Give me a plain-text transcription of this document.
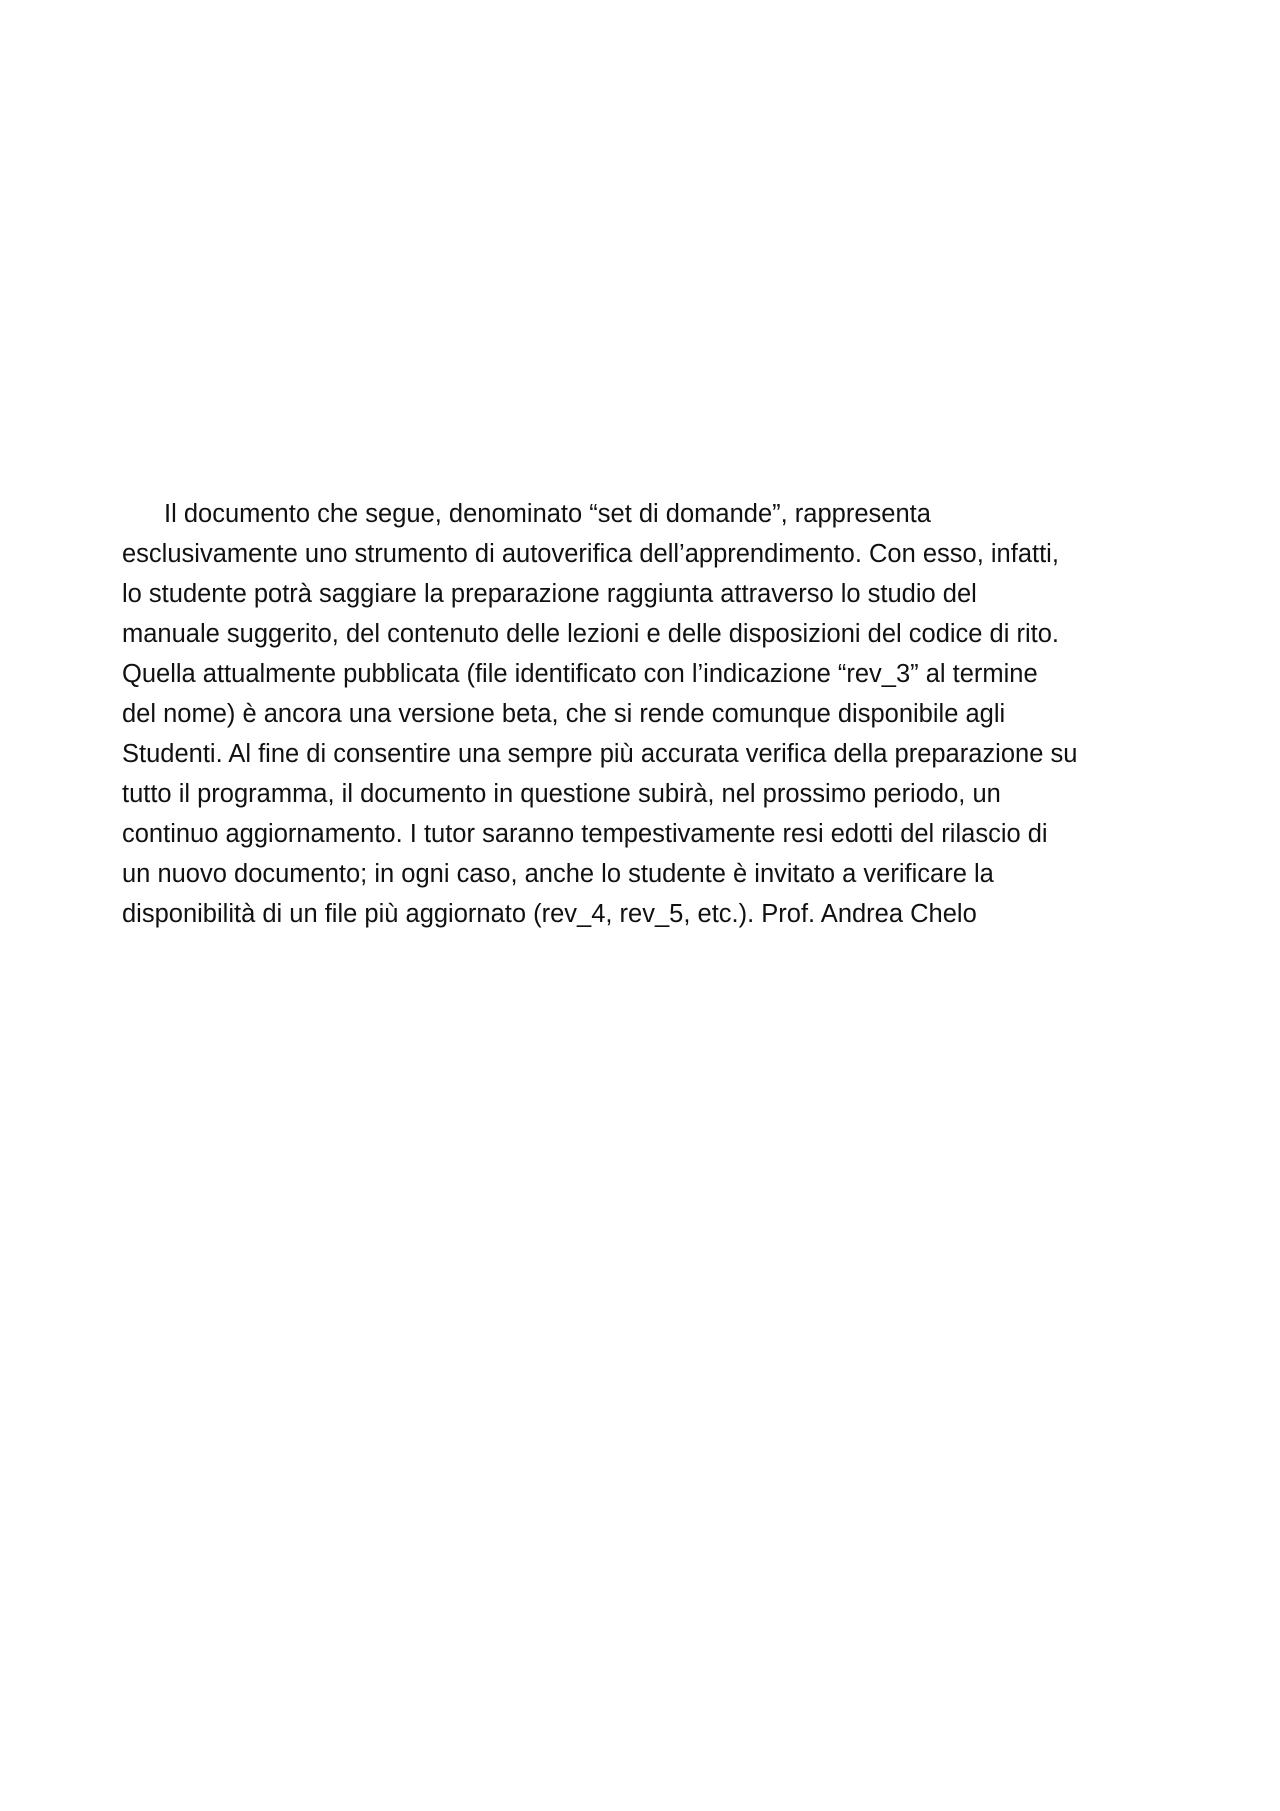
Il documento che segue, denominato “set di domande”, rappresenta
esclusivamente uno strumento di autoverifica dell’apprendimento. Con esso, infatti,
lo studente potrà saggiare la preparazione raggiunta attraverso lo studio del
manuale suggerito, del contenuto delle lezioni e delle disposizioni del codice di rito.
Quella attualmente pubblicata (file identificato con l’indicazione “rev_3” al termine
del nome) è ancora una versione beta, che si rende comunque disponibile agli
Studenti. Al fine di consentire una sempre più accurata verifica della preparazione su
tutto il programma, il documento in questione subirà, nel prossimo periodo, un
continuo aggiornamento. I tutor saranno tempestivamente resi edotti del rilascio di
un nuovo documento; in ogni caso, anche lo studente è invitato a verificare la
disponibilità di un file più aggiornato (rev_4, rev_5, etc.). Prof. Andrea Chelo
